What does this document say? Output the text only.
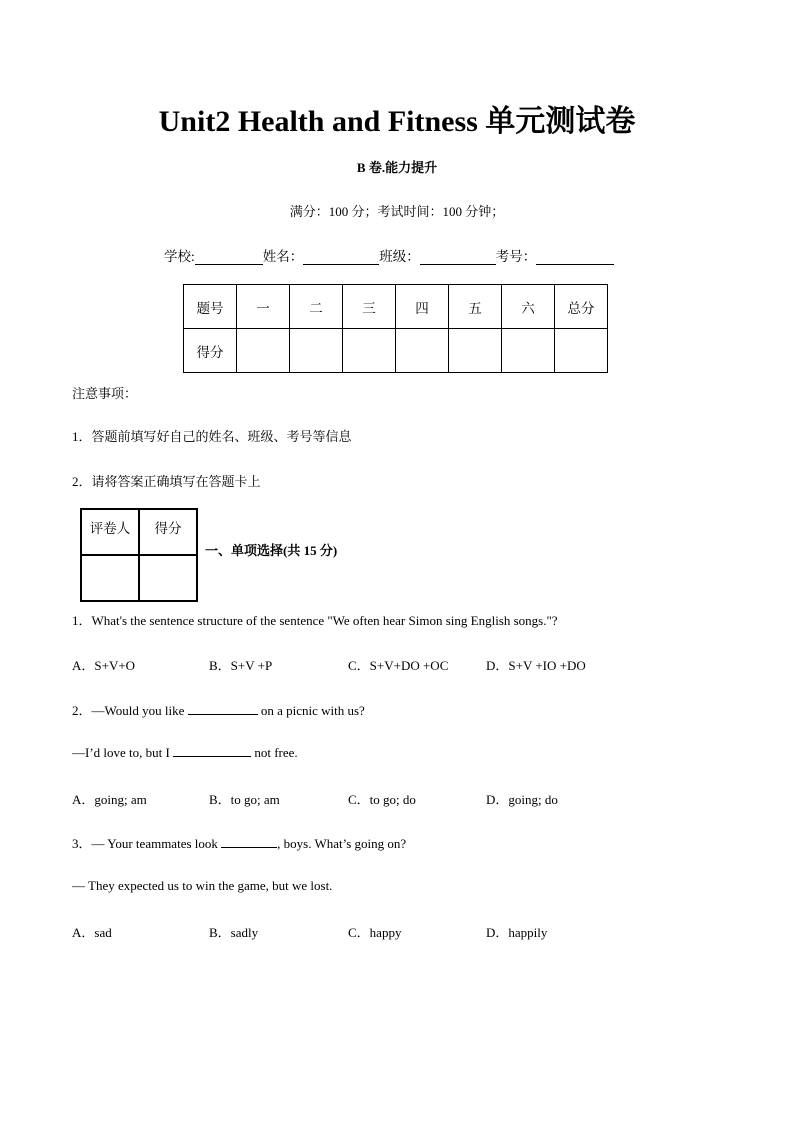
Unit2 Health and Fitness 单元测试卷
B 卷.能力提升
满分：100 分；考试时间：100 分钟；
学校:	姓名：	班级：	考号：
题号	一	二	三	四	五	六	总分
得分							
注意事项：
1．答题前填写好自己的姓名、班级、考号等信息
2．请将答案正确填写在答题卡上
评卷人	得分

一、单项选择(共 15 分)
1．What's the sentence structure of the sentence "We often hear Simon sing English songs."?
A．S+V+O	B．S+V +P	C．S+V+DO +OC	D．S+V +IO +DO
2．—Would you like	on a picnic with us?
—I’d love to, but I	not free.
A．going; am	B．to go; am	C．to go; do	D．going; do
3．— Your teammates look	, boys. What’s going on?
— They expected us to win the game, but we lost.
A．sad	B．sadly	C．happy	D．happily
